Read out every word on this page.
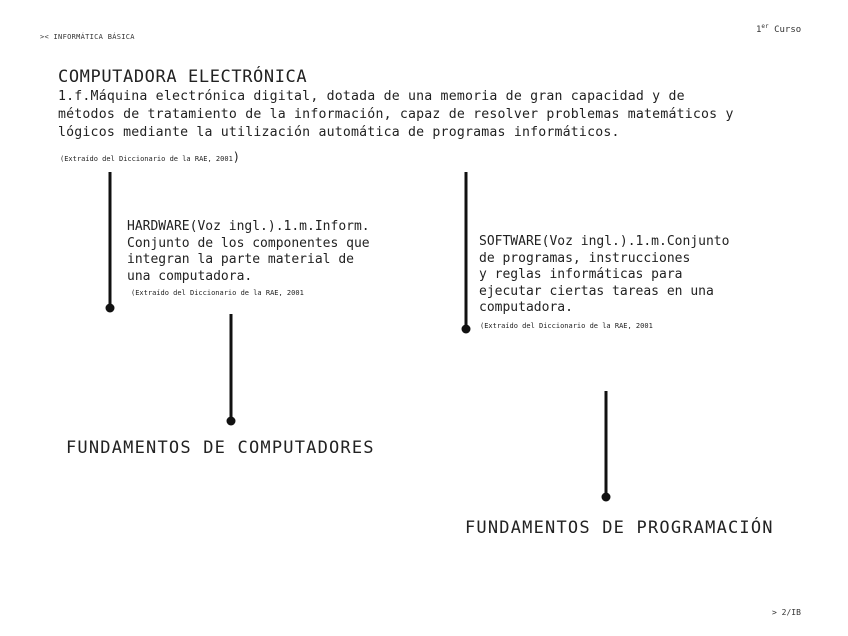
>< INFORMÁTICA BÁSICA
1er Curso
COMPUTADORA ELECTRÓNICA
1.f.Máquina electrónica digital, dotada de una memoria de gran capacidad y de
métodos de tratamiento de la información, capaz de resolver problemas matemáticos y
lógicos mediante la utilización automática de programas informáticos.
(Extraído del Diccionario de la RAE, 2001)
HARDWARE(Voz ingl.).1.m.Inform.
Conjunto de los componentes que
integran la parte material de
una computadora.
(Extraído del Diccionario de la RAE, 2001
SOFTWARE(Voz ingl.).1.m.Conjunto
de programas, instrucciones
y reglas informáticas para
ejecutar ciertas tareas en una
computadora.
(Extraído del Diccionario de la RAE, 2001
FUNDAMENTOS DE COMPUTADORES
FUNDAMENTOS DE PROGRAMACIÓN
> 2/IB
